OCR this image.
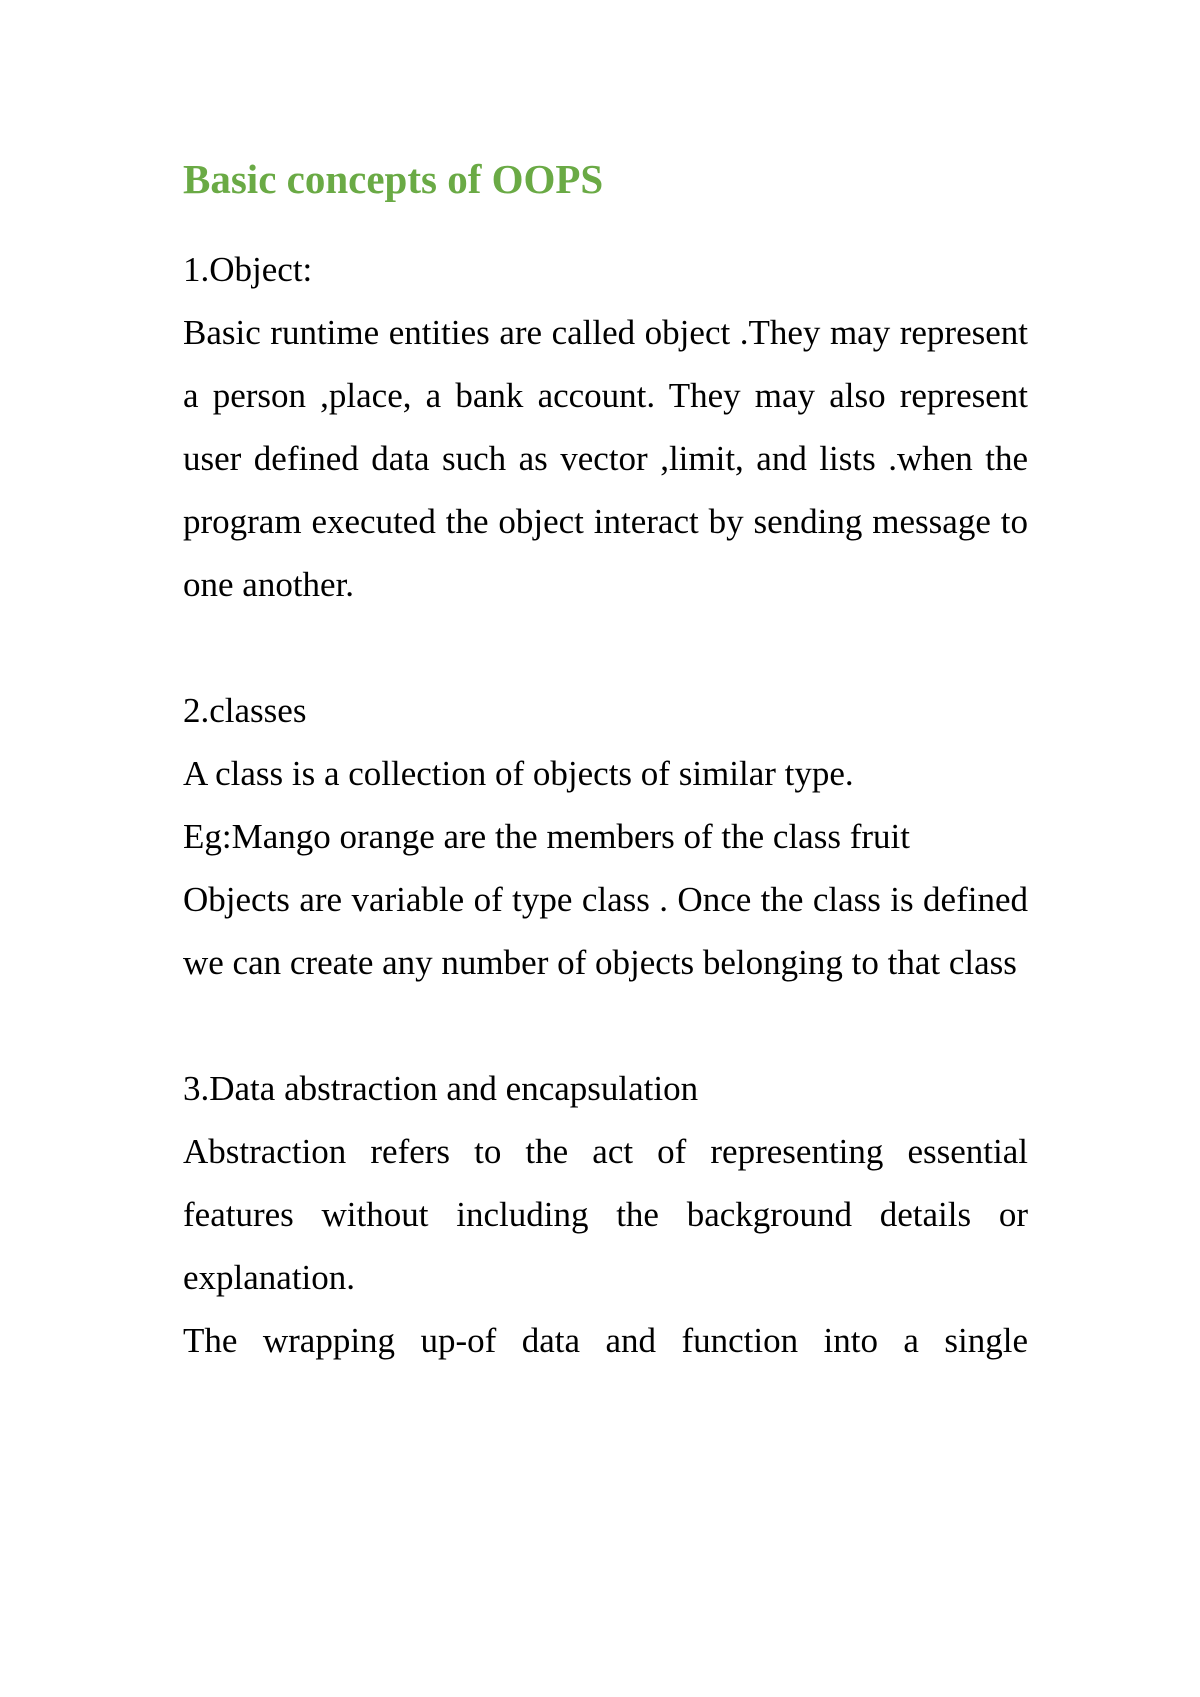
Basic concepts of OOPS
1.Object:

Basic runtime entities are called object .They may represent a person ,place, a bank account. They may also represent user defined data such as vector ,limit, and lists .when the program executed the object interact by sending message to one another.

2.classes
A class is a collection of objects of similar type.
Eg:Mango orange are the members of the class fruit

Objects are variable of type class . Once the class is defined we can create any number of objects belonging to that class

3.Data abstraction and encapsulation

Abstraction refers to the act of representing essential features without including the background details or explanation.

The wrapping up-of data and function into a single
